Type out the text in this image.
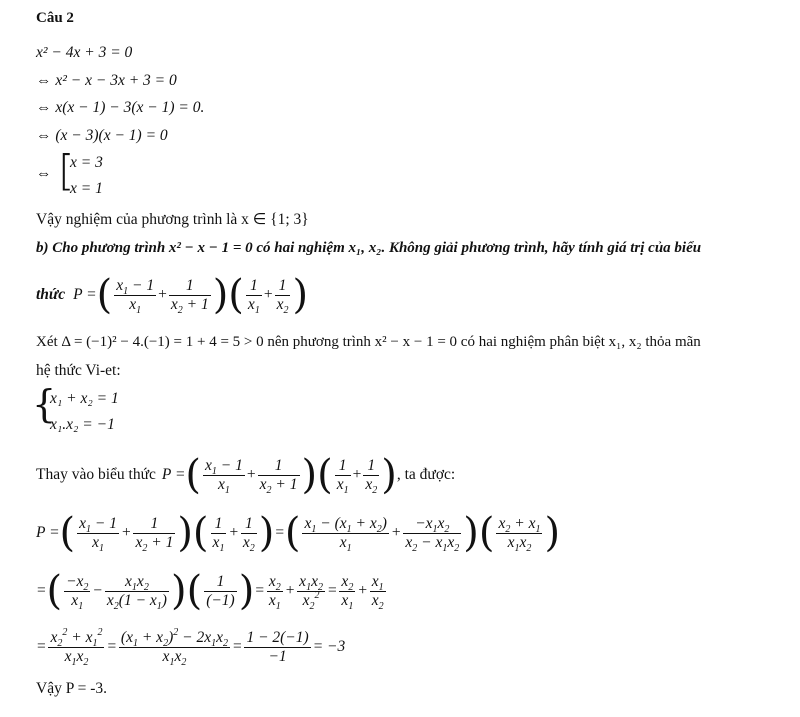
Câu 2
x² − 4x + 3 = 0
⇔ x² − x − 3x + 3 = 0
⇔ x(x − 1) − 3(x − 1) = 0.
⇔ (x − 3)(x − 1) = 0
⇔ [
x = 3
x = 1
Vậy nghiệm của phương trình là x ∈ {1; 3}
b) Cho phương trình x² − x − 1 = 0 có hai nghiệm x₁, x₂. Không giải phương trình, hãy tính giá trị của biểu
thức P = ( $\frac{x_1 - 1}{x_1} + \frac{1}{x_2 + 1}$ )( $\frac{1}{x_1} + \frac{1}{x_2}$ )
Xét Δ = (−1)² − 4.(−1) = 1 + 4 = 5 > 0 nên phương trình x² − x − 1 = 0 có hai nghiệm phân biệt x₁, x₂ thỏa mãn
hệ thức Vi-et:
{
x₁ + x₂ = 1
x₁.x₂ = −1
Thay vào biểu thức P = ( $\frac{x_1 - 1}{x_1} + \frac{1}{x_2 + 1}$ )( $\frac{1}{x_1} + \frac{1}{x_2}$ ) , ta được:
P = ( $\frac{x_1 - 1}{x_1} + \frac{1}{x_2 + 1}$ )( $\frac{1}{x_1} + \frac{1}{x_2}$ ) = ( $\frac{x_1 - (x_1 + x_2)}{x_1} + \frac{-x_1x_2}{x_2 - x_1x_2}$ )( $\frac{x_2 + x_1}{x_1x_2}$ )
= ( $\frac{-x_2}{x_1} - \frac{x_1x_2}{x_2(1 - x_1)}$ )( $\frac{1}{(-1)}$ ) = $\frac{x_2}{x_1} + \frac{x_1x_2}{x_2^2} = \frac{x_2}{x_1} + \frac{x_1}{x_2}$
= $\frac{x_2^2 + x_1^2}{x_1x_2} = \frac{(x_1 + x_2)^2 - 2x_1x_2}{x_1x_2} = \frac{1 - 2(-1)}{-1} = -3$
Vậy P = -3.
